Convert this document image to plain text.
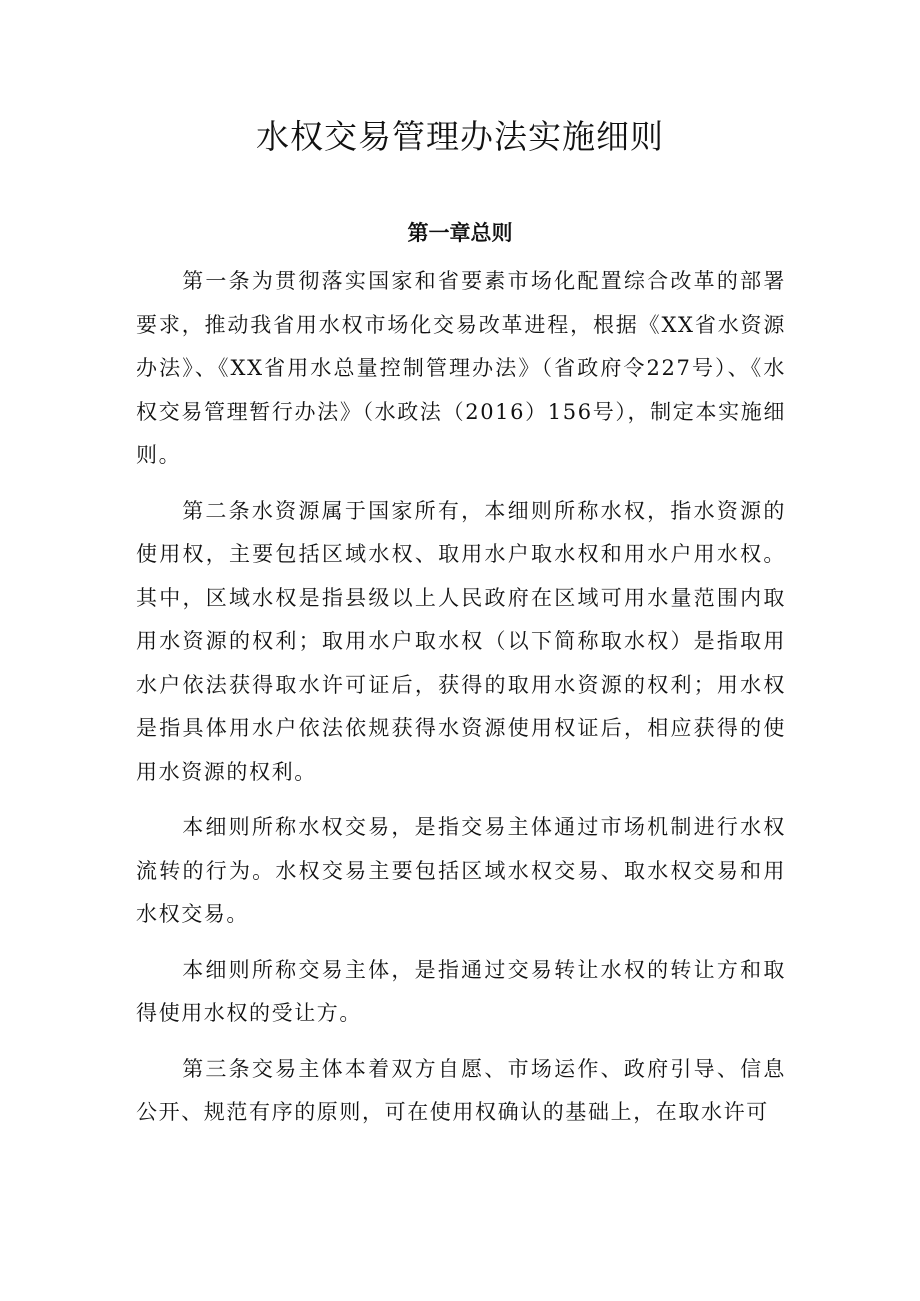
水权交易管理办法实施细则
第一章总则

第一条为贯彻落实国家和省要素市场化配置综合改革的部署要求，推动我省用水权市场化交易改革进程，根据《XX省水资源办法》、《XX省用水总量控制管理办法》（省政府令227号）、《水权交易管理暂行办法》（水政法（2016）156号），制定本实施细则。

第二条水资源属于国家所有，本细则所称水权，指水资源的使用权，主要包括区域水权、取用水户取水权和用水户用水权。其中，区域水权是指县级以上人民政府在区域可用水量范围内取用水资源的权利；取用水户取水权（以下简称取水权）是指取用水户依法获得取水许可证后，获得的取用水资源的权利；用水权是指具体用水户依法依规获得水资源使用权证后，相应获得的使用水资源的权利。

本细则所称水权交易，是指交易主体通过市场机制进行水权流转的行为。水权交易主要包括区域水权交易、取水权交易和用水权交易。

本细则所称交易主体，是指通过交易转让水权的转让方和取得使用水权的受让方。

第三条交易主体本着双方自愿、市场运作、政府引导、信息公开、规范有序的原则，可在使用权确认的基础上，在取水许可
